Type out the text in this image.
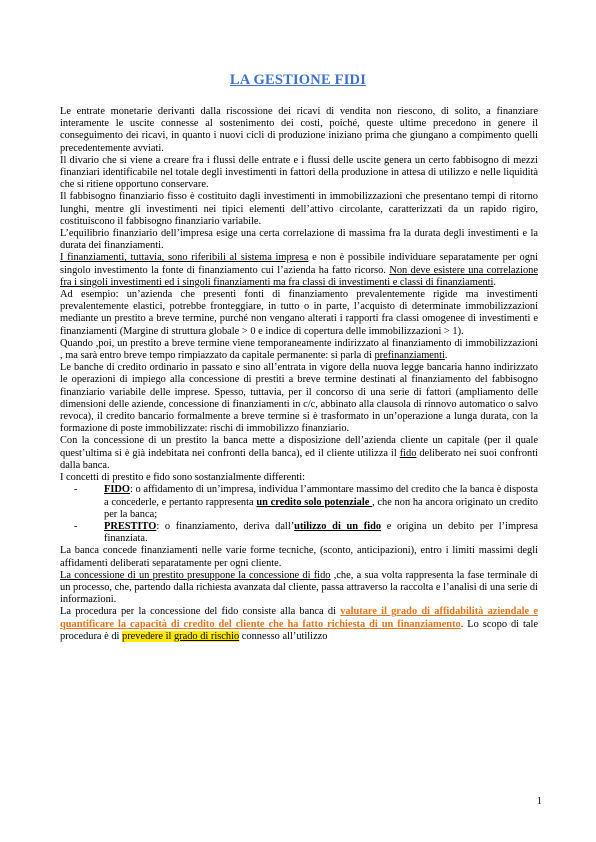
LA GESTIONE FIDI

Le entrate monetarie derivanti dalla riscossione dei ricavi di vendita non riescono, di solito, a finanziare interamente le uscite connesse al sostenimento dei costi, poiché, queste ultime precedono in genere il conseguimento dei ricavi, in quanto i nuovi cicli di produzione iniziano prima che giungano a compimento quelli precedentemente avviati.

Il divario che si viene a creare fra i flussi delle entrate e i flussi delle uscite genera un certo fabbisogno di mezzi finanziari identificabile nel totale degli investimenti in fattori della produzione in attesa di utilizzo e nelle liquidità che si ritiene opportuno conservare.

Il fabbisogno finanziario fisso è costituito dagli investimenti in immobilizzazioni che presentano tempi di ritorno lunghi, mentre gli investimenti nei tipici elementi dell’attivo circolante, caratterizzati da un rapido rigiro, costituiscono il fabbisogno finanziario variabile.

L’equilibrio finanziario dell’impresa esige una certa correlazione di massima fra la durata degli investimenti e la durata dei finanziamenti.

I finanziamenti, tuttavia, sono riferibili al sistema impresa e non è possibile individuare separatamente per ogni singolo investimento la fonte di finanziamento cui l’azienda ha fatto ricorso. Non deve esistere una correlazione fra i singoli investimenti ed i singoli finanziamenti ma fra classi di investimenti e classi di finanziamenti.

Ad esempio: un’azienda che presenti fonti di finanziamento prevalentemente rigide ma investimenti prevalentemente elastici, potrebbe fronteggiare, in tutto o in parte, l’acquisto di determinate immobilizzazioni mediante un prestito a breve termine, purché non vengano alterati i rapporti fra classi omogenee di investimenti e finanziamenti (Margine di struttura globale > 0 e indice di copertura delle immobilizzazioni > 1).

Quando ,poi, un prestito a breve termine viene temporaneamente indirizzato al finanziamento di immobilizzazioni , ma sarà entro breve tempo rimpiazzato da capitale permanente: si parla di prefinanziamenti.

Le banche di credito ordinario in passato e sino all’entrata in vigore della nuova legge bancaria hanno indirizzato le operazioni di impiego alla concessione di prestiti a breve termine destinati al finanziamento del fabbisogno finanziario variabile delle imprese. Spesso, tuttavia, per il concorso di una serie di fattori (ampliamento delle dimensioni delle aziende, concessione di finanziamenti in c/c, abbinato alla clausola di rinnovo automatico o salvo revoca), il credito bancario formalmente a breve termine si è trasformato in un’operazione a lunga durata, con la formazione di poste immobilizzate: rischi di immobilizzo finanziario.

Con la concessione di un prestito la banca mette a disposizione dell’azienda cliente un capitale (per il quale quest’ultima si è già indebitata nei confronti della banca), ed il cliente utilizza il fido deliberato nei suoi confronti dalla banca.

I concetti di prestito e fido sono sostanzialmente differenti:

-	FIDO: o affidamento di un’impresa, individua l’ammontare massimo del credito che la banca è disposta a concederle, e pertanto rappresenta un credito solo potenziale , che non ha ancora originato un credito per la banca;
-	PRESTITO: o finanziamento, deriva dall’utilizzo di un fido e origina un debito per l’impresa finanziata.

La banca concede finanziamenti nelle varie forme tecniche, (sconto, anticipazioni), entro i limiti massimi degli affidamenti deliberati separatamente per ogni cliente.

La concessione di un prestito presuppone la concessione di fido ,che, a sua volta rappresenta la fase terminale di un processo, che, partendo dalla richiesta avanzata dal cliente, passa attraverso la raccolta e l’analisi di una serie di informazioni.

La procedura per la concessione del fido consiste alla banca di valutare il grado di affidabilità aziendale e quantificare la capacità di credito del cliente che ha fatto richiesta di un finanziamento. Lo scopo di tale procedura è di prevedere il grado di rischio connesso all’utilizzo

1
